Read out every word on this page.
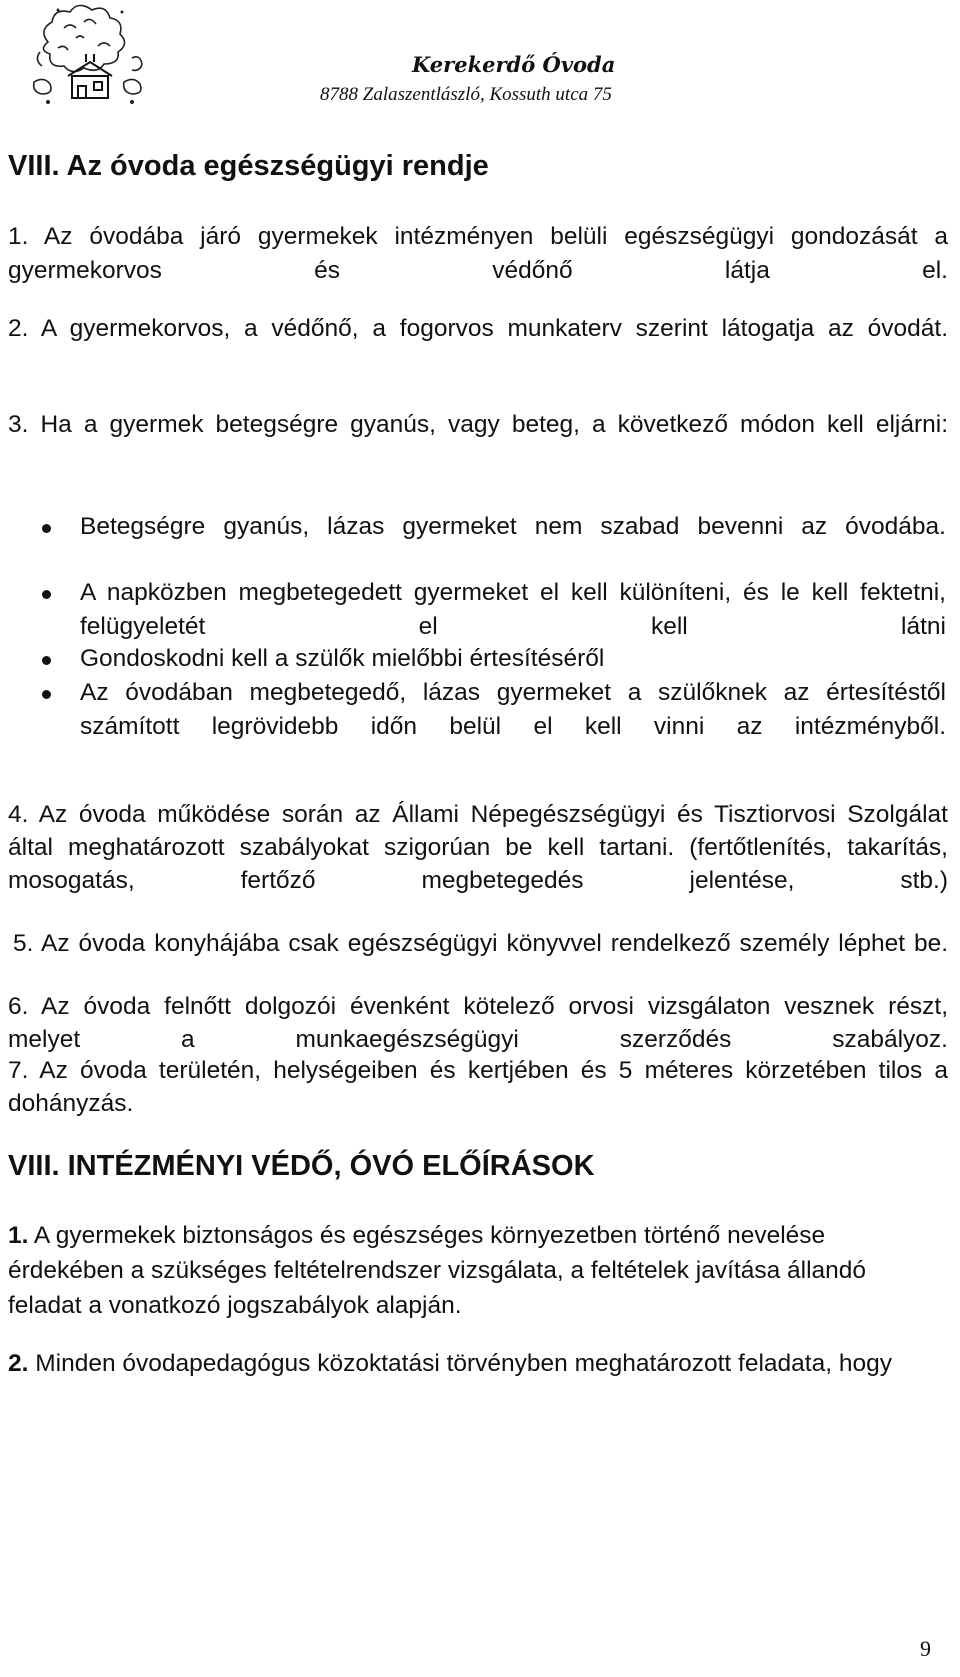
Kerekerdő Óvoda
8788 Zalaszentlászló, Kossuth utca 75
VIII. Az óvoda egészségügyi rendje
1. Az óvodába járó gyermekek intézményen belüli egészségügyi gondozását a gyermekorvos és védőnő látja el.
2. A gyermekorvos, a védőnő, a fogorvos munkaterv szerint látogatja az óvodát.
3. Ha a gyermek betegségre gyanús, vagy beteg, a következő módon kell eljárni:
Betegségre gyanús, lázas gyermeket nem szabad bevenni az óvodába.
A napközben megbetegedett gyermeket el kell különíteni, és le kell fektetni, felügyeletét el kell látni
Gondoskodni kell a szülők mielőbbi értesítéséről
Az óvodában megbetegedő, lázas gyermeket a szülőknek az értesítéstől számított legrövidebb időn belül el kell vinni az intézményből.
4. Az óvoda működése során az Állami Népegészségügyi és Tisztiorvosi Szolgálat által meghatározott szabályokat szigorúan be kell tartani. (fertőtlenítés, takarítás, mosogatás, fertőző megbetegedés jelentése, stb.)
5. Az óvoda konyhájába csak egészségügyi könyvvel rendelkező személy léphet be.
6. Az óvoda felnőtt dolgozói évenként kötelező orvosi vizsgálaton vesznek részt, melyet a munkaegészségügyi szerződés szabályoz.
7. Az óvoda területén, helységeiben és kertjében és 5 méteres körzetében tilos a dohányzás.
VIII. INTÉZMÉNYI VÉDŐ, ÓVÓ ELŐÍRÁSOK
1. A gyermekek biztonságos és egészséges környezetben történő nevelése érdekében a szükséges feltételrendszer vizsgálata, a feltételek javítása állandó feladat a vonatkozó jogszabályok alapján.
2. Minden óvodapedagógus közoktatási törvényben meghatározott feladata, hogy
9
